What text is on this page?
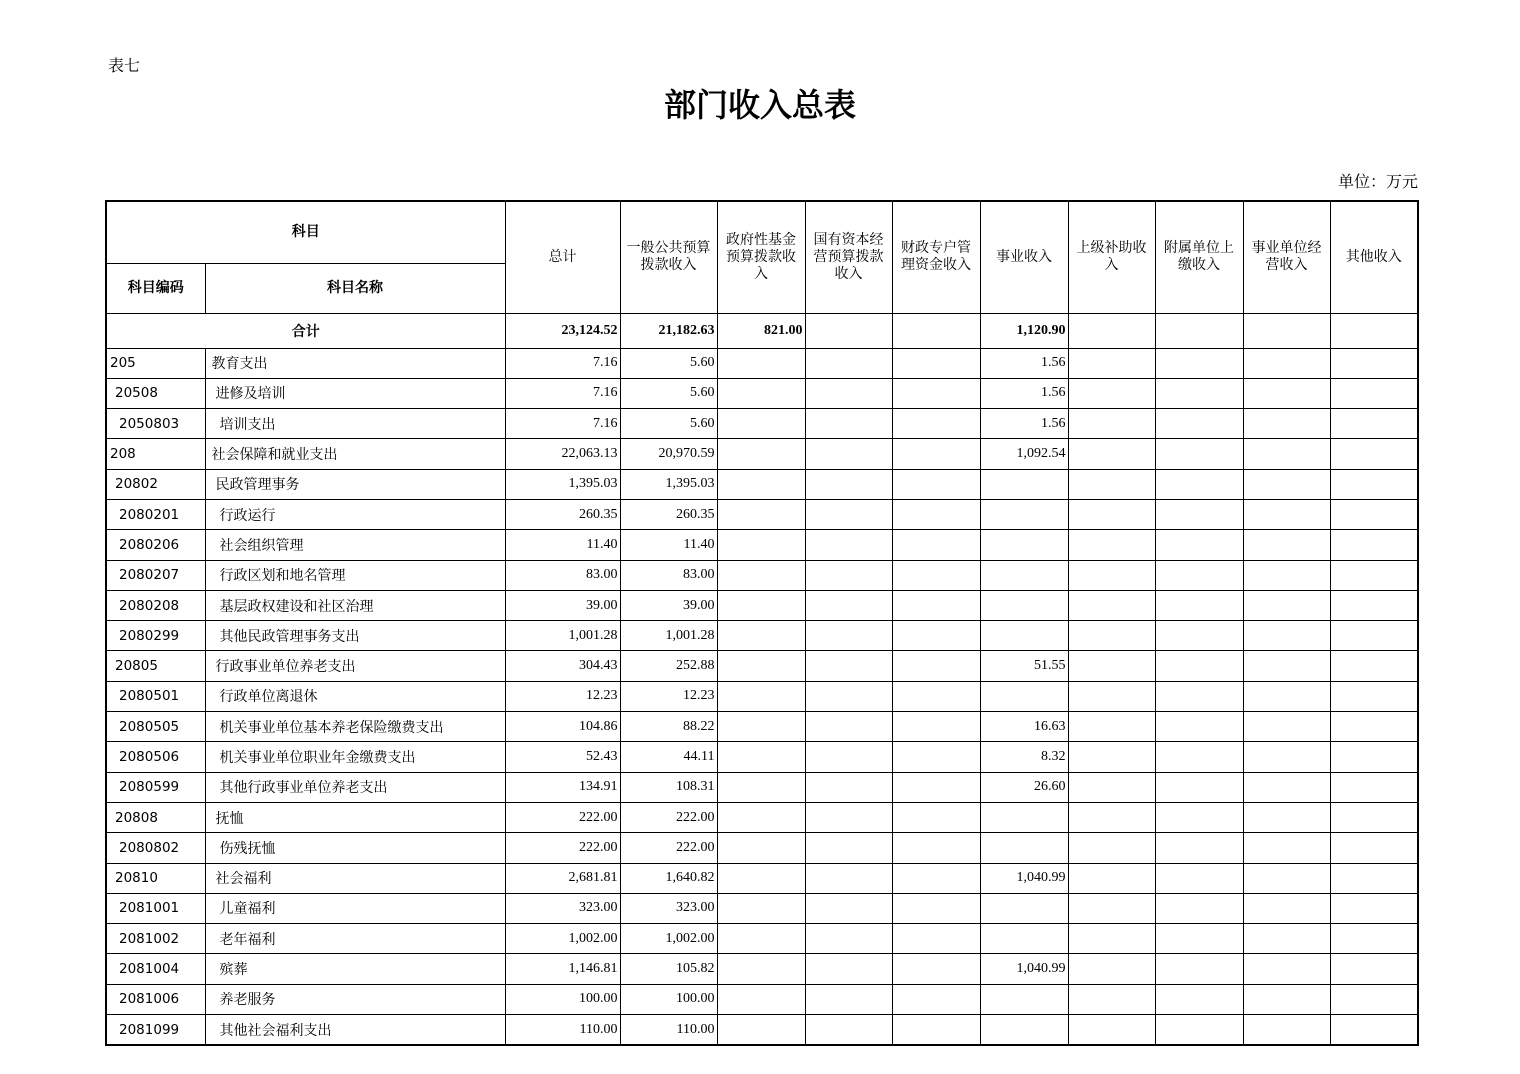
表七
部门收入总表
单位：万元
科目		总计	一般公共预算拨款收入	政府性基金预算拨款收入	国有资本经营预算拨款收入	财政专户管理资金收入	事业收入	上级补助收入	附属单位上缴收入	事业单位经营收入	其他收入
科目编码	科目名称										
合计		23,124.52	21,182.63	821.00			1,120.90				
205	教育支出	7.16	5.60				1.56				
20508	进修及培训	7.16	5.60				1.56				
2050803	培训支出	7.16	5.60				1.56				
208	社会保障和就业支出	22,063.13	20,970.59				1,092.54				
20802	民政管理事务	1,395.03	1,395.03								
2080201	行政运行	260.35	260.35								
2080206	社会组织管理	11.40	11.40								
2080207	行政区划和地名管理	83.00	83.00								
2080208	基层政权建设和社区治理	39.00	39.00								
2080299	其他民政管理事务支出	1,001.28	1,001.28								
20805	行政事业单位养老支出	304.43	252.88				51.55				
2080501	行政单位离退休	12.23	12.23								
2080505	机关事业单位基本养老保险缴费支出	104.86	88.22				16.63				
2080506	机关事业单位职业年金缴费支出	52.43	44.11				8.32				
2080599	其他行政事业单位养老支出	134.91	108.31				26.60				
20808	抚恤	222.00	222.00								
2080802	伤残抚恤	222.00	222.00								
20810	社会福利	2,681.81	1,640.82				1,040.99				
2081001	儿童福利	323.00	323.00								
2081002	老年福利	1,002.00	1,002.00								
2081004	殡葬	1,146.81	105.82				1,040.99				
2081006	养老服务	100.00	100.00								
2081099	其他社会福利支出	110.00	110.00								
